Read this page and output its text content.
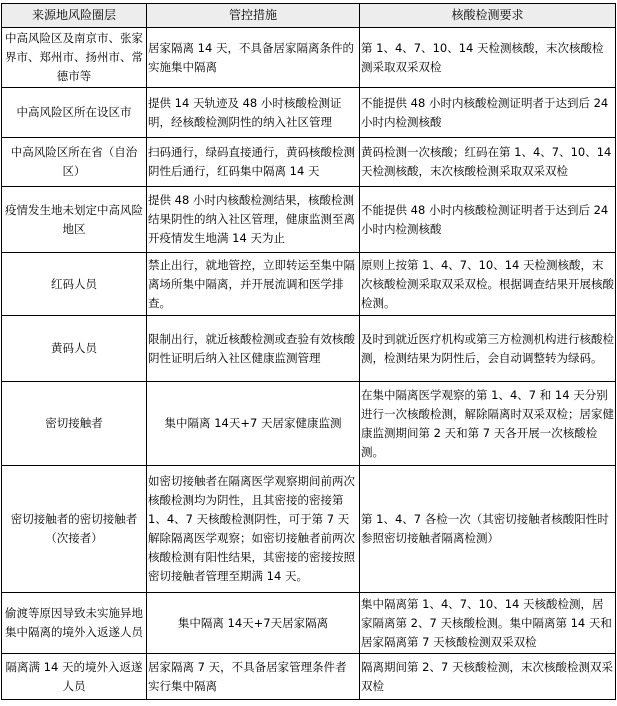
来源地风险圈层	管控措施	核酸检测要求
中高风险区及南京市、张家界市、郑州市、扬州市、常德市等	居家隔离 14 天，不具备居家隔离条件的实施集中隔离	第 1、4、7、10、14 天检测核酸，末次核酸检测采取双采双检
中高风险区所在设区市	提供 14 天轨迹及 48 小时核酸检测证明，经核酸检测阴性的纳入社区管理	不能提供 48 小时内核酸检测证明者于达到后 24 小时内检测核酸
中高风险区所在省（自治区）	扫码通行，绿码直接通行，黄码核酸检测阴性后通行，红码集中隔离 14 天	黄码检测一次核酸；红码在第 1、4、7、10、14 天检测核酸，末次核酸检测采取双采双检
疫情发生地未划定中高风险地区	提供 48 小时内核酸检测结果，核酸检测结果阴性的纳入社区管理，健康监测至离开疫情发生地满 14 天为止	不能提供 48 小时内核酸检测证明者于达到后 24 小时内检测核酸
红码人员	禁止出行，就地管控，立即转运至集中隔离场所集中隔离，并开展流调和医学排查。	原则上按第 1、4、7、10、14 天检测核酸，末次核酸检测采取双采双检。根据调查结果开展核酸检测。
黄码人员	限制出行，就近核酸检测或查验有效核酸阴性证明后纳入社区健康监测管理	及时到就近医疗机构或第三方检测机构进行核酸检测，检测结果为阴性后，会自动调整转为绿码。
密切接触者	集中隔离 14天+7 天居家健康监测	在集中隔离医学观察的第 1、4、7 和 14 天分别进行一次核酸检测，解除隔离时双采双检；居家健康监测期间第 2 天和第 7 天各开展一次核酸检测。
密切接触者的密切接触者（次接者）	如密切接触者在隔离医学观察期间前两次核酸检测均为阴性，且其密接的密接第 1、4、7 天核酸检测阴性，可于第 7 天解除隔离医学观察；如密切接触者前两次核酸检测有阳性结果，其密接的密接按照密切接触者管理至期满 14 天。	第 1、4、7 各检一次（其密切接触者核酸阳性时参照密切接触者隔离检测）
偷渡等原因导致未实施异地集中隔离的境外入返遂人员	集中隔离 14天+7天居家隔离	集中隔离第 1、4、7、10、14 天核酸检测，居家隔离第 2、7 天核酸检测。集中隔离第 14 天和居家隔离第 7 天核酸检测双采双检
隔离满 14 天的境外入返遂人员	居家隔离 7 天，不具备居家管理条件者实行集中隔离	隔离期间第 2、7 天核酸检测，末次核酸检测双采双检
